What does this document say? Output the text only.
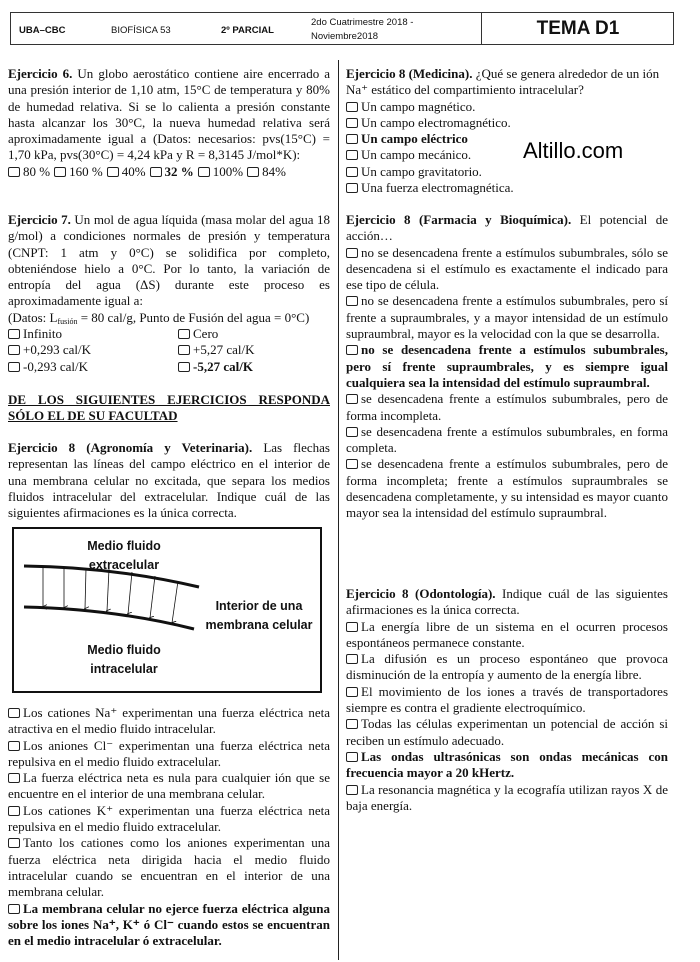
UBA–CBC	BIOFÍSICA 53	2º PARCIAL
2do Cuatrimestre 2018 -
Noviembre2018	TEMA D1

Ejercicio 6. Un globo aerostático contiene aire encerrado a una presión interior de 1,10 atm, 15°C de temperatura y 80% de humedad relativa. Si se lo calienta a presión constante hasta alcanzar los 30°C, la nueva humedad relativa será aproximadamente igual a (Datos: necesarios: pvs(15°C) = 1,70 kPa, pvs(30°C) = 4,24 kPa y R = 8,3145 J/mol*K):

80 % 160 % 40% 32 % 100% 84%

Ejercicio 7. Un mol de agua líquida (masa molar del agua 18 g/mol) a condiciones normales de presión y temperatura (CNPT: 1 atm y 0°C) se solidifica por completo, obteniéndose hielo a 0°C. Por lo tanto, la variación de entropía del agua (ΔS) durante este proceso es aproximadamente igual a:

(Datos: $L_{fusión} = 80$ cal/g, Punto de Fusión del agua = 0°C)

Infinito	Cero
+0,293 cal/K	+5,27 cal/K
-0,293 cal/K	-5,27 cal/K
DE LOS SIGUIENTES EJERCICIOS RESPONDA SÓLO EL DE SU FACULTAD

Ejercicio 8 (Agronomía y Veterinaria). Las flechas representan las líneas del campo eléctrico en el interior de una membrana celular no excitada, que separa los medios fluidos intracelular del extracelular. Indique cuál de las siguientes afirmaciones es la única correcta.

Medio fluido
extracelular
Interior de una
membrana celular
Medio fluido
intracelular
Los cationes Na⁺ experimentan una fuerza eléctrica neta atractiva en el medio fluido intracelular.
Los aniones Cl⁻ experimentan una fuerza eléctrica neta repulsiva en el medio fluido extracelular.
La fuerza eléctrica neta es nula para cualquier ión que se encuentre en el interior de una membrana celular.
Los cationes K⁺ experimentan una fuerza eléctrica neta repulsiva en el medio fluido extracelular.
Tanto los cationes como los aniones experimentan una fuerza eléctrica neta dirigida hacia el medio fluido intracelular cuando se encuentran en el interior de una membrana celular.
La membrana celular no ejerce fuerza eléctrica alguna sobre los iones Na⁺, K⁺ ó Cl⁻ cuando estos se encuentran en el medio intracelular ó extracelular.

Ejercicio 8 (Medicina). ¿Qué se genera alrededor de un ión Na⁺ estático del compartimiento intracelular?

Un campo magnético.
Un campo electromagnético.
Un campo eléctrico
Un campo mecánico.
Un campo gravitatorio.
Una fuerza electromagnética.
Altillo.com

Ejercicio 8 (Farmacia y Bioquímica). El potencial de acción…

no se desencadena frente a estímulos subumbrales, sólo se desencadena si el estímulo es exactamente el indicado para ese tipo de célula.
no se desencadena frente a estímulos subumbrales, pero sí frente a supraumbrales, y a mayor intensidad de un estímulo supraumbral, mayor es la velocidad con la que se desarrolla.
no se desencadena frente a estímulos subumbrales, pero sí frente supraumbrales, y es siempre igual cualquiera sea la intensidad del estímulo supraumbral.
se desencadena frente a estímulos subumbrales, pero de forma incompleta.
se desencadena frente a estímulos subumbrales, en forma completa.
se desencadena frente a estímulos subumbrales, pero de forma incompleta; frente a estímulos supraumbrales se desencadena completamente, y su intensidad es mayor cuanto mayor sea la intensidad del estímulo supraumbral.

Ejercicio 8 (Odontología). Indique cuál de las siguientes afirmaciones es la única correcta.

La energía libre de un sistema en el ocurren procesos espontáneos permanece constante.
La difusión es un proceso espontáneo que provoca disminución de la entropía y aumento de la energía libre.
El movimiento de los iones a través de transportadores siempre es contra el gradiente electroquímico.
Todas las células experimentan un potencial de acción si reciben un estímulo adecuado.
Las ondas ultrasónicas son ondas mecánicas con frecuencia mayor a 20 kHertz.
La resonancia magnética y la ecografía utilizan rayos X de baja energía.
